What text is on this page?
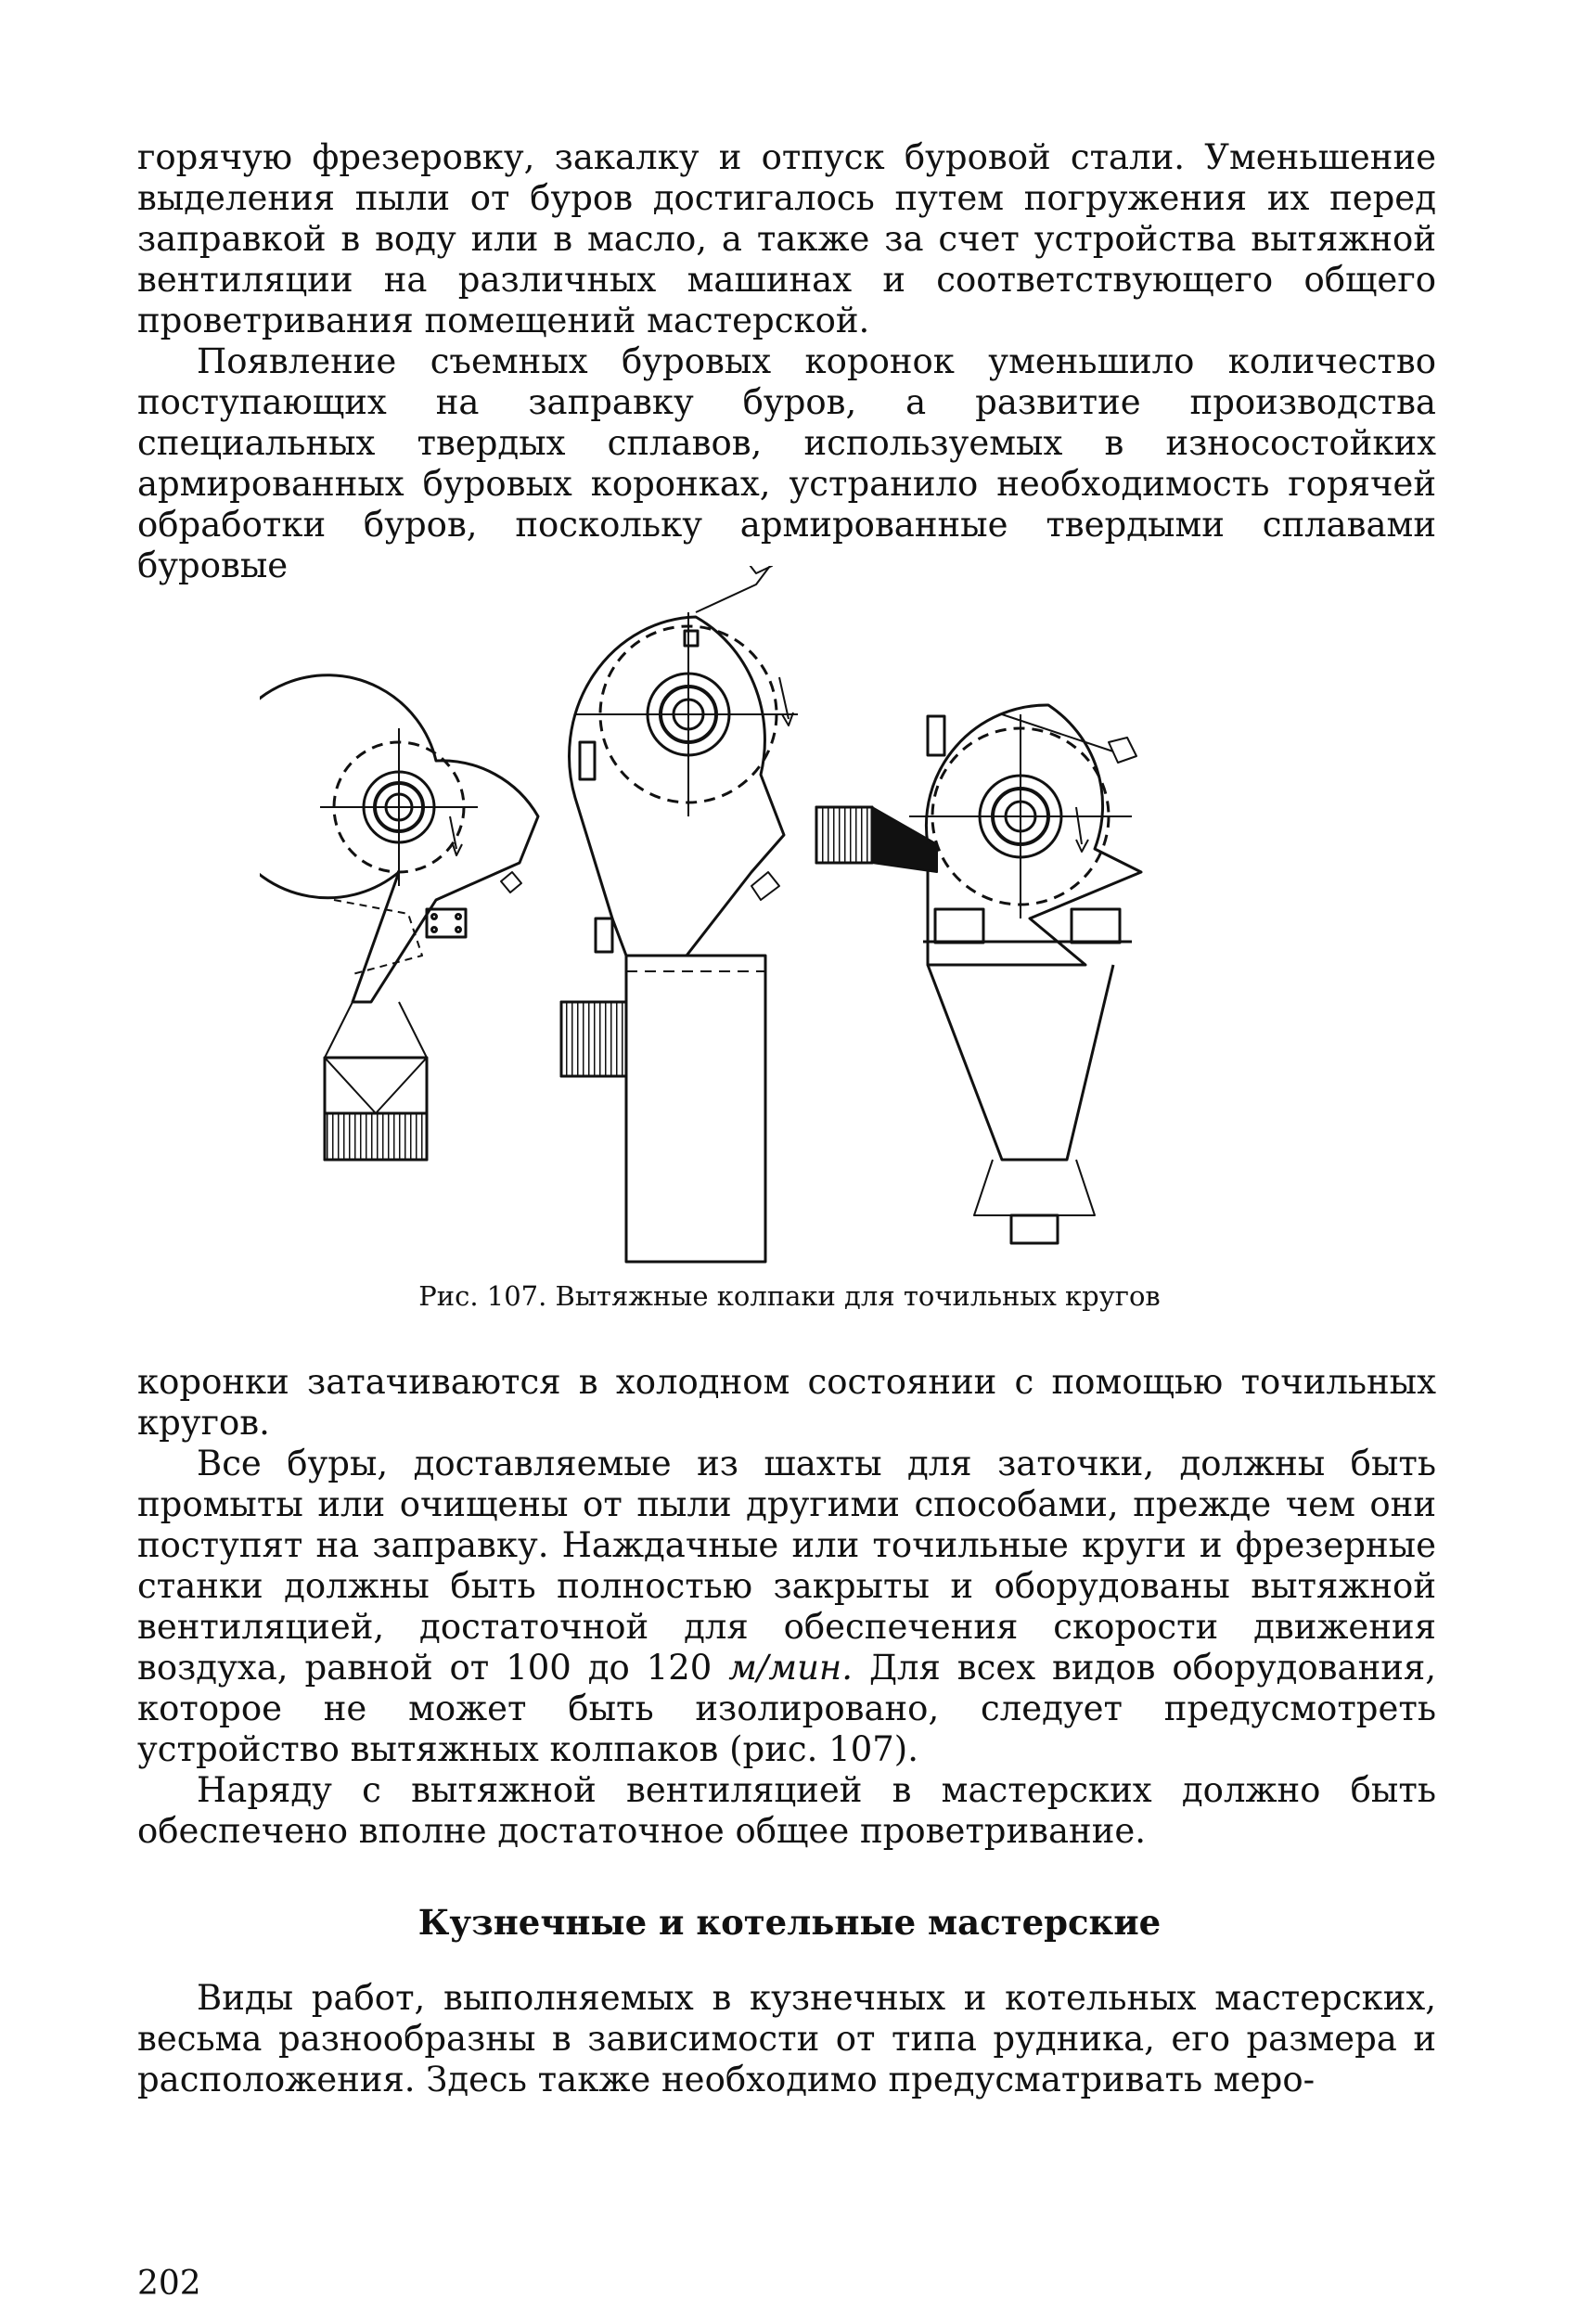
горячую фрезеровку, закалку и отпуск буровой стали. Уменьшение выделения пыли от буров достигалось путем погружения их перед заправкой в воду или в масло, а также за счет устройства вытяжной вентиляции на различных машинах и соответствующего общего проветривания помещений мастерской.

Появление съемных буровых коронок уменьшило количество поступающих на заправку буров, а развитие производства специальных твердых сплавов, используемых в износостойких армированных буровых коронках, устранило необходимость горячей обработки буров, поскольку армированные твердыми сплавами буровые

Рис. 107. Вытяжные колпаки для точильных кругов

коронки затачиваются в холодном состоянии с помощью точильных кругов.

Все буры, доставляемые из шахты для заточки, должны быть промыты или очищены от пыли другими способами, прежде чем они поступят на заправку. Наждачные или точильные круги и фрезерные станки должны быть полностью закрыты и оборудованы вытяжной вентиляцией, достаточной для обеспечения скорости движения воздуха, равной от 100 до 120 м/мин. Для всех видов оборудования, которое не может быть изолировано, следует предусмотреть устройство вытяжных колпаков (рис. 107).

Наряду с вытяжной вентиляцией в мастерских должно быть обеспечено вполне достаточное общее проветривание.

Кузнечные и котельные мастерские

Виды работ, выполняемых в кузнечных и котельных мастерских, весьма разнообразны в зависимости от типа рудника, его размера и расположения. Здесь также необходимо предусматривать меро-

202
